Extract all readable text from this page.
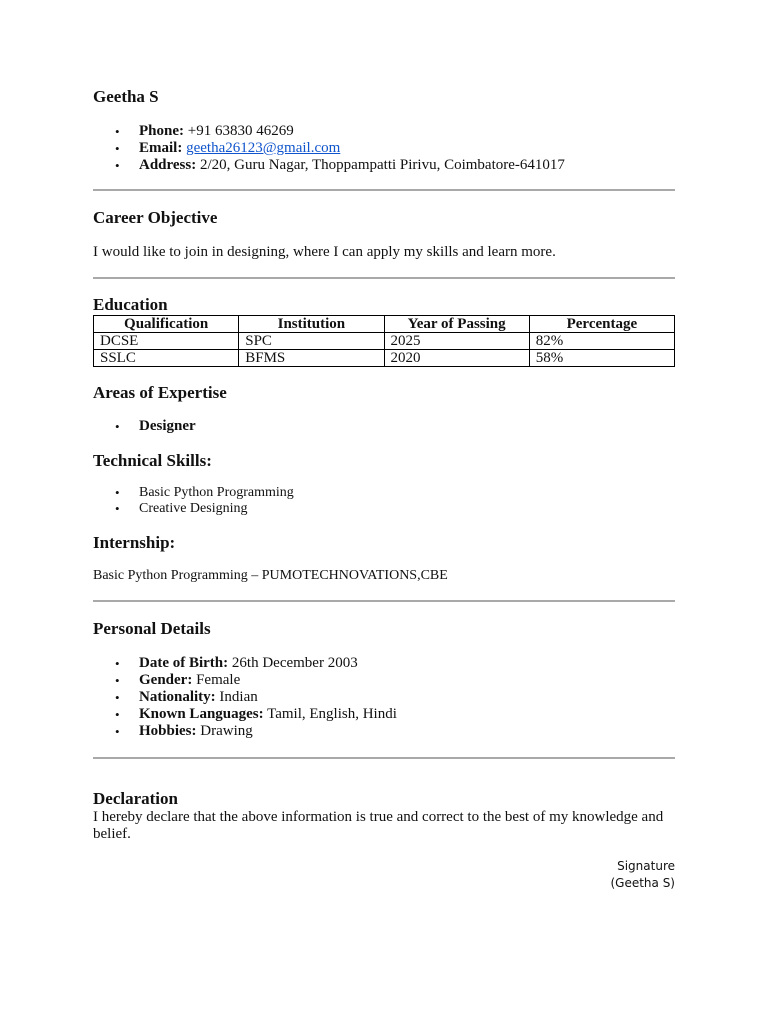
Geetha S
• Phone: +91 63830 46269
• Email: geetha26123@gmail.com
• Address: 2/20, Guru Nagar, Thoppampatti Pirivu, Coimbatore-641017
Career Objective

I would like to join in designing, where I can apply my skills and learn more.

Education
Qualification	Institution	Year of Passing	Percentage
DCSE	SPC	2025	82%
SSLC	BFMS	2020	58%
Areas of Expertise
• Designer
Technical Skills:
• Basic Python Programming
• Creative Designing
Internship:

Basic Python Programming – PUMOTECHNOVATIONS,CBE

Personal Details
• Date of Birth: 26th December 2003
• Gender: Female
• Nationality: Indian
• Known Languages: Tamil, English, Hindi
• Hobbies: Drawing
Declaration

I hereby declare that the above information is true and correct to the best of my knowledge and belief.

Signature
(Geetha S)
